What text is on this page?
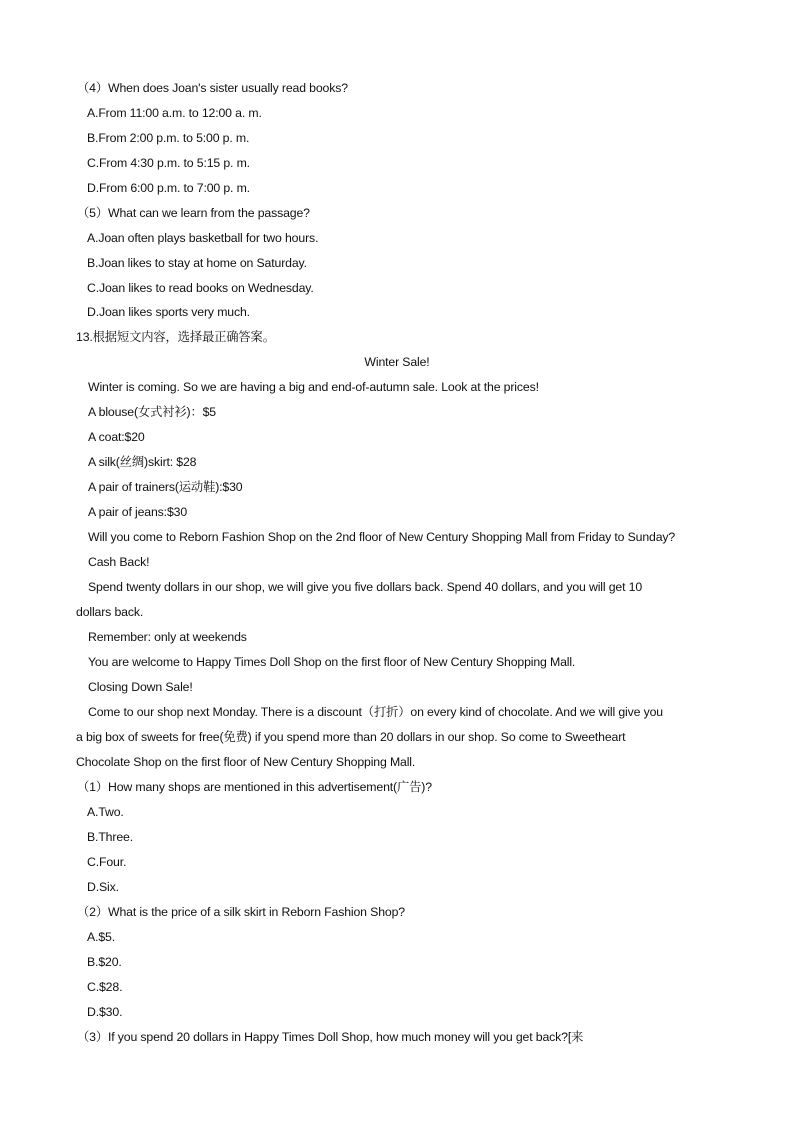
（4）When does Joan's sister usually read books?
A.From 11:00 a.m. to 12:00 a. m.
B.From 2:00 p.m. to 5:00 p. m.
C.From 4:30 p.m. to 5:15 p. m.
D.From 6:00 p.m. to 7:00 p. m.
（5）What can we learn from the passage?
A.Joan often plays basketball for two hours.
B.Joan likes to stay at home on Saturday.
C.Joan likes to read books on Wednesday.
D.Joan likes sports very much.
13.根据短文内容，选择最正确答案。
Winter Sale!
Winter is coming. So we are having a big and end-of-autumn sale. Look at the prices!
A blouse(女式衬衫)：$5
A coat:$20
A silk(丝绸)skirt: $28
A pair of trainers(运动鞋):$30
A pair of jeans:$30
Will you come to Reborn Fashion Shop on the 2nd floor of New Century Shopping Mall from Friday to Sunday?
Cash Back!
Spend twenty dollars in our shop, we will give you five dollars back. Spend 40 dollars, and you will get 10
dollars back.
Remember: only at weekends
You are welcome to Happy Times Doll Shop on the first floor of New Century Shopping Mall.
Closing Down Sale!
Come to our shop next Monday. There is a discount（打折）on every kind of chocolate. And we will give you
a big box of sweets for free(免费) if you spend more than 20 dollars in our shop. So come to Sweetheart
Chocolate Shop on the first floor of New Century Shopping Mall.
（1）How many shops are mentioned in this advertisement(广告)?
A.Two.
B.Three.
C.Four.
D.Six.
（2）What is the price of a silk skirt in Reborn Fashion Shop?
A.$5.
B.$20.
C.$28.
D.$30.
（3）If you spend 20 dollars in Happy Times Doll Shop, how much money will you get back?[来
